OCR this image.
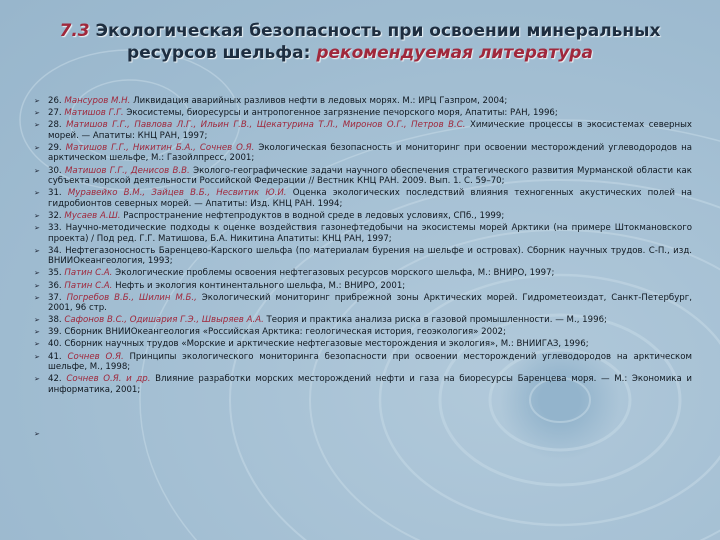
7.3 Экологическая безопасность при освоении минеральных ресурсов шельфа: рекомендуемая литература
➢ 26. Мансуров М.Н. Ликвидация аварийных разливов нефти в ледовых морях. М.: ИРЦ Газпром, 2004;
➢ 27. Матишов Г.Г. Экосистемы, биоресурсы и антропогенное загрязнение печорского моря, Апатиты: РАН, 1996;
➢ 28. Матишов Г.Г., Павлова Л.Г., Ильин Г.В., Щекатурина Т.Л., Миронов О.Г., Петров В.С. Химические процессы в экосистемах северных морей. — Апатиты: КНЦ РАН, 1997;
➢ 29. Матишов Г.Г., Никитин Б.А., Сочнев О.Я. Экологическая безопасность и мониторинг при освоении месторождений углеводородов на арктическом шельфе, М.: Газойлпресс, 2001;
➢ 30. Матишов Г.Г., Денисов В.В. Эколого-географические задачи научного обеспечения стратегического развития Мурманской области как субъекта морской деятельности Российской Федерации // Вестник КНЦ РАН. 2009. Вып. 1. С. 59–70;
➢ 31. Муравейко В.М., Зайцев В.Б., Несвитик Ю.И. Оценка экологических последствий влияния техногенных акустических полей на гидробионтов северных морей. — Апатиты: Изд. КНЦ РАН. 1994;
➢ 32. Мусаев А.Ш. Распространение нефтепродуктов в водной среде в ледовых условиях, СПб., 1999;
➢ 33. Научно-методические подходы к оценке воздействия газонефтедобычи на экосистемы морей Арктики (на примере Штокмановского проекта) / Под ред. Г.Г. Матишова, Б.А. Никитина Апатиты: КНЦ РАН, 1997;
➢ 34. Нефтегазоносность Баренцево-Карского шельфа (по материалам бурения на шельфе и островах). Сборник научных трудов. С-П., изд. ВНИИОкеангеология, 1993;
➢ 35. Патин С.А. Экологические проблемы освоения нефтегазовых ресурсов морского шельфа, М.: ВНИРО, 1997;
➢ 36. Патин С.А. Нефть и экология континентального шельфа, М.: ВНИРО, 2001;
➢ 37. Погребов В.Б., Шилин М.Б., Экологический мониторинг прибрежной зоны Арктических морей. Гидрометеоиздат, Санкт-Петербург, 2001, 96 стр.
➢ 38. Сафонов В.С., Одишария Г.Э., Швыряев А.А. Теория и практика анализа риска в газовой промышленности. — М., 1996;
➢ 39. Сборник ВНИИОкеангеология «Российская Арктика: геологическая история, геоэкология» 2002;
➢ 40. Сборник научных трудов «Морские и арктические нефтегазовые месторождения и экология», М.: ВНИИГАЗ, 1996;
➢ 41. Сочнев О.Я. Принципы экологического мониторинга безопасности при освоении месторождений углеводородов на арктическом шельфе, М., 1998;
➢ 42. Сочнев О.Я. и др. Влияние разработки морских месторождений нефти и газа на биоресурсы Баренцева моря. — М.: Экономика и информатика, 2001;
➢
